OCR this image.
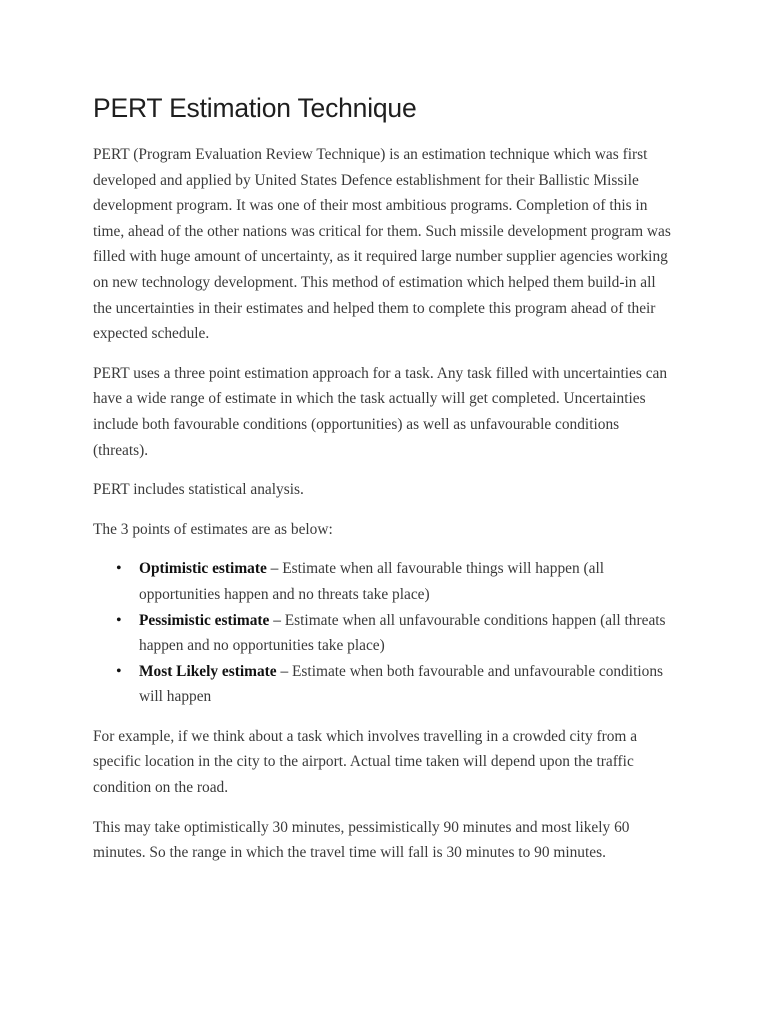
PERT Estimation Technique

PERT (Program Evaluation Review Technique) is an estimation technique which was first developed and applied by United States Defence establishment for their Ballistic Missile development program. It was one of their most ambitious programs. Completion of this in time, ahead of the other nations was critical for them. Such missile development program was filled with huge amount of uncertainty, as it required large number supplier agencies working on new technology development. This method of estimation which helped them build-in all the uncertainties in their estimates and helped them to complete this program ahead of their expected schedule.

PERT uses a three point estimation approach for a task. Any task filled with uncertainties can have a wide range of estimate in which the task actually will get completed. Uncertainties include both favourable conditions (opportunities) as well as unfavourable conditions (threats).

PERT includes statistical analysis.

The 3 points of estimates are as below:

• Optimistic estimate – Estimate when all favourable things will happen (all opportunities happen and no threats take place)
• Pessimistic estimate – Estimate when all unfavourable conditions happen (all threats happen and no opportunities take place)
• Most Likely estimate – Estimate when both favourable and unfavourable conditions will happen

For example, if we think about a task which involves travelling in a crowded city from a specific location in the city to the airport. Actual time taken will depend upon the traffic condition on the road.

This may take optimistically 30 minutes, pessimistically 90 minutes and most likely 60 minutes. So the range in which the travel time will fall is 30 minutes to 90 minutes.
